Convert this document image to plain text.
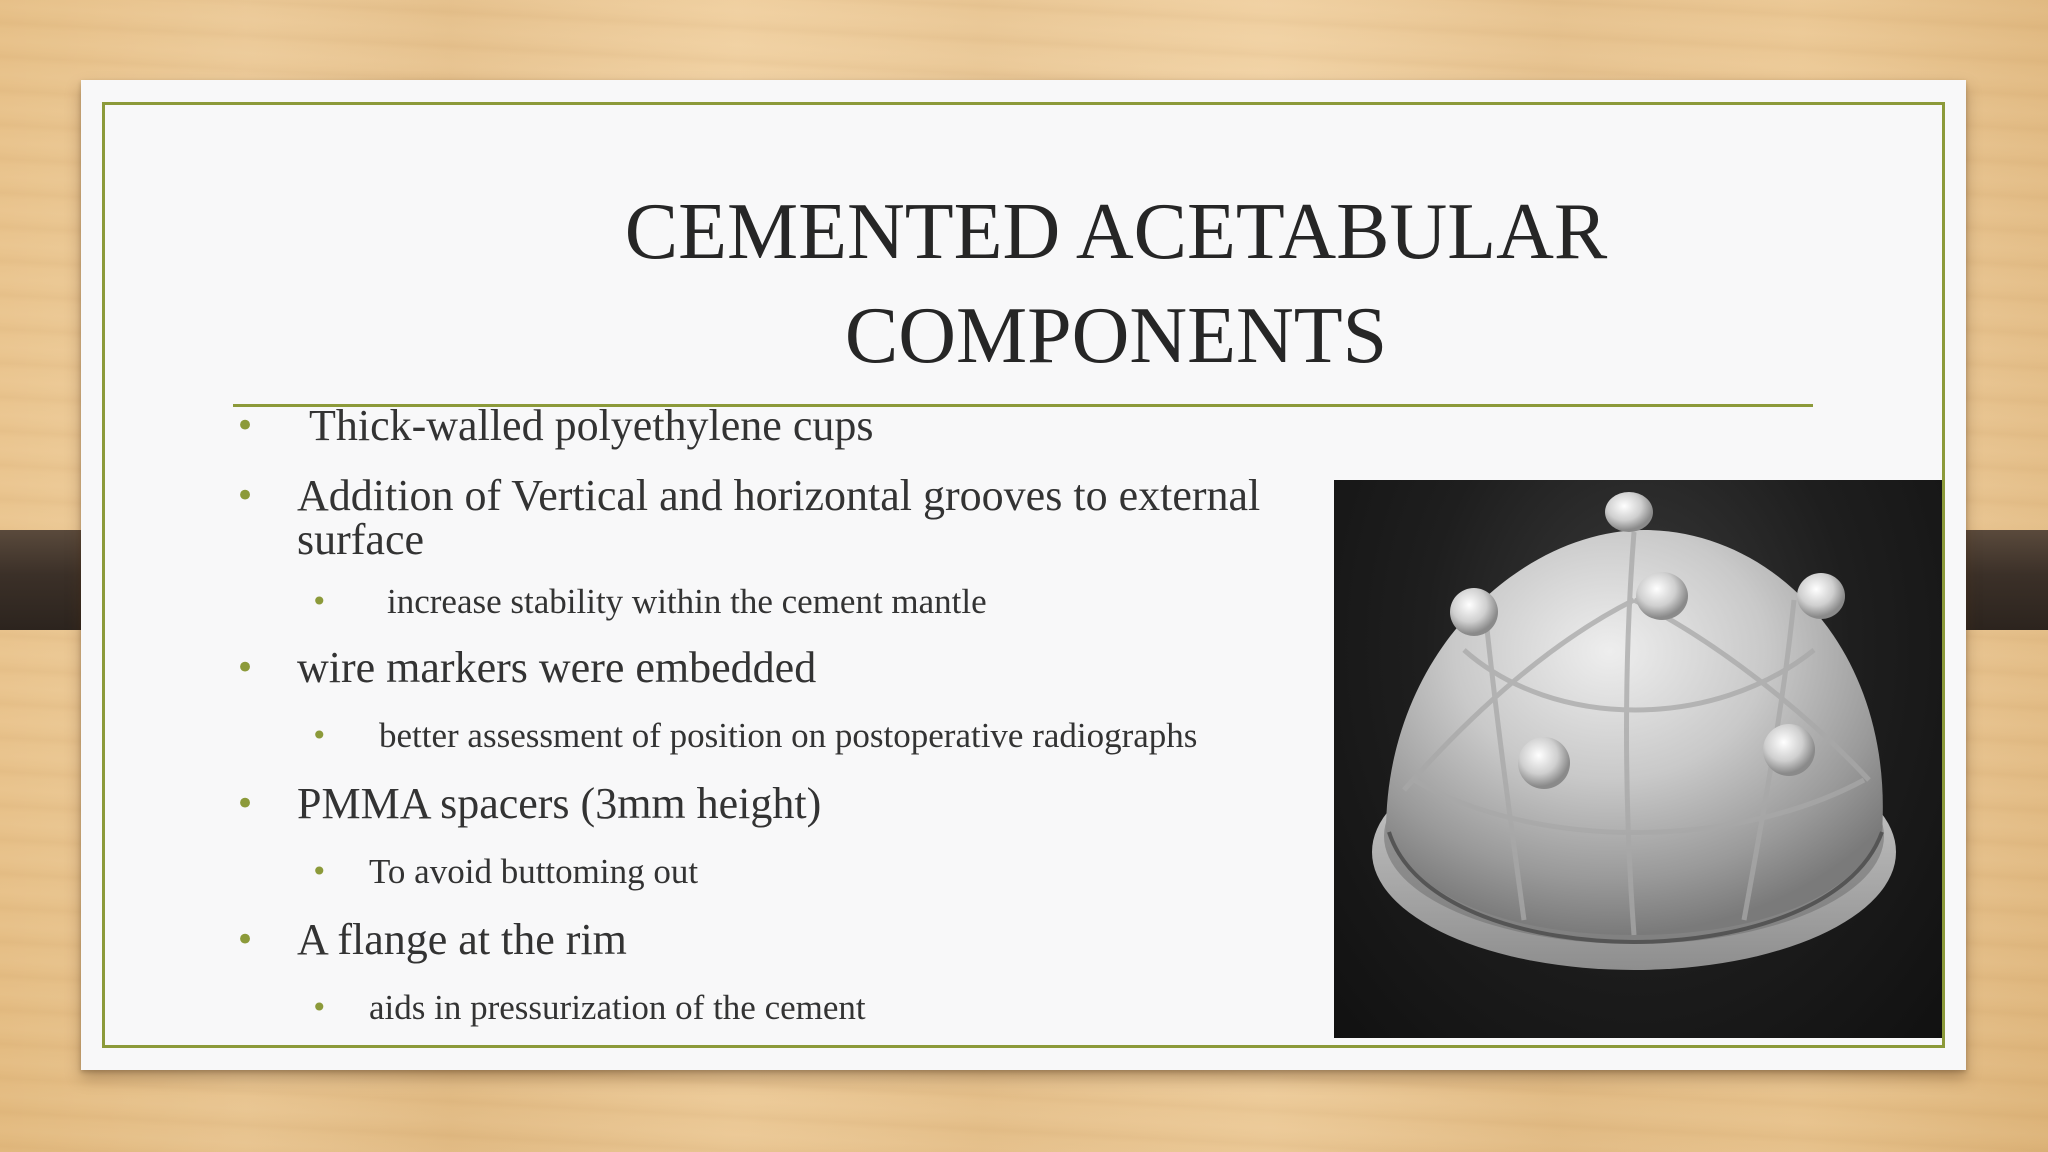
CEMENTED ACETABULAR
COMPONENTS
• Thick-walled polyethylene cups
• Addition of Vertical and horizontal grooves to external surface
• increase stability within the cement mantle
• wire markers were embedded
• better assessment of position on postoperative radiographs
• PMMA spacers (3mm height)
• To avoid buttoming out
• A flange at the rim
• aids in pressurization of the cement
